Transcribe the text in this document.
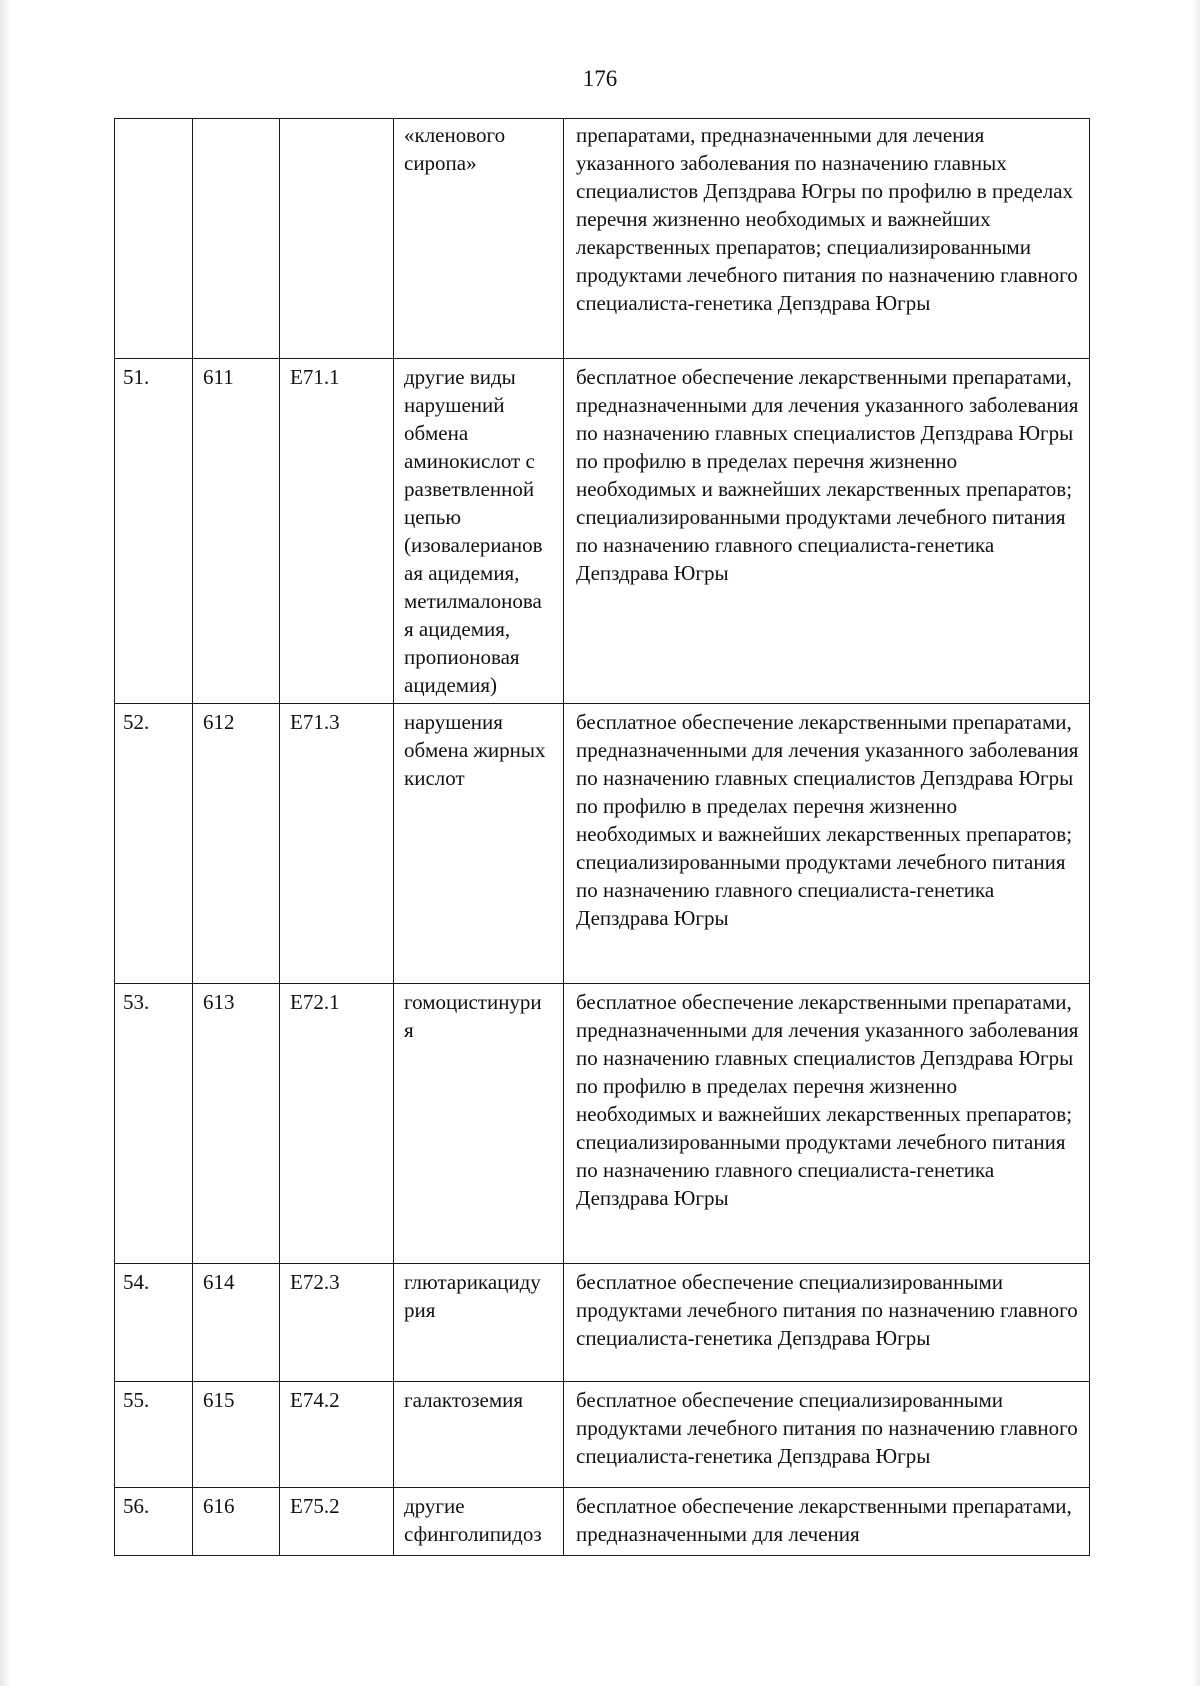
176
			«кленового сиропа»	препаратами, предназначенными для лечения указанного заболевания по назначению главных специалистов Депздрава Югры по профилю в пределах перечня жизненно необходимых и важнейших лекарственных препаратов; специализированными продуктами лечебного питания по назначению главного специалиста-генетика Депздрава Югры
51.	611	E71.1	другие виды нарушений обмена аминокислот с разветвленной цепью (изовалерианов ая ацидемия, метилмалонова я ацидемия, пропионовая ацидемия)	бесплатное обеспечение лекарственными препаратами, предназначенными для лечения указанного заболевания по назначению главных специалистов Депздрава Югры по профилю в пределах перечня жизненно необходимых и важнейших лекарственных препаратов; специализированными продуктами лечебного питания по назначению главного специалиста-генетика Депздрава Югры
52.	612	E71.3	нарушения обмена жирных кислот	бесплатное обеспечение лекарственными препаратами, предназначенными для лечения указанного заболевания по назначению главных специалистов Депздрава Югры по профилю в пределах перечня жизненно необходимых и важнейших лекарственных препаратов; специализированными продуктами лечебного питания по назначению главного специалиста-генетика Депздрава Югры
53.	613	E72.1	гомоцистинури я	бесплатное обеспечение лекарственными препаратами, предназначенными для лечения указанного заболевания по назначению главных специалистов Депздрава Югры по профилю в пределах перечня жизненно необходимых и важнейших лекарственных препаратов; специализированными продуктами лечебного питания по назначению главного специалиста-генетика Депздрава Югры
54.	614	E72.3	глютарикациду рия	бесплатное обеспечение специализированными продуктами лечебного питания по назначению главного специалиста-генетика Депздрава Югры
55.	615	E74.2	галактоземия	бесплатное обеспечение специализированными продуктами лечебного питания по назначению главного специалиста-генетика Депздрава Югры
56.	616	E75.2	другие сфинголипидоз	бесплатное обеспечение лекарственными препаратами, предназначенными для лечения
